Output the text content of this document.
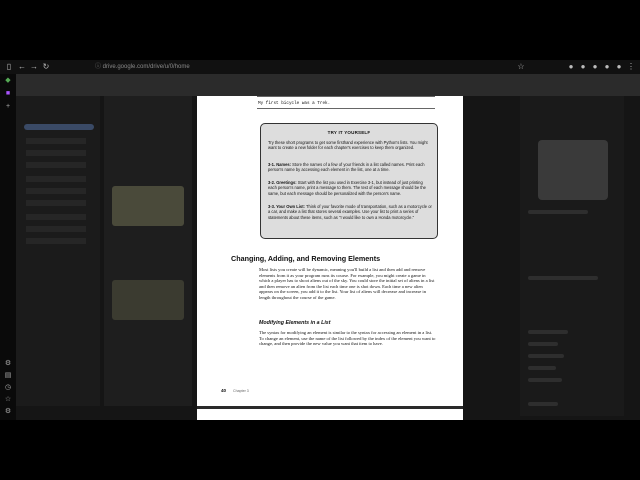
▯ ← → ↻	ⓘ drive.google.com/drive/u/0/home	☆	● ● ● ● ● ⋮
◆
■
+
⚙
▤
◷
☆
⚙
My first bicycle was a Trek.
TRY IT YOURSELF
Try these short programs to get some firsthand experience with Python's lists. You might want to create a new folder for each chapter's exercises to keep them organized.
3-1. Names: Store the names of a few of your friends in a list called names. Print each person's name by accessing each element in the list, one at a time.
3-2. Greetings: Start with the list you used in Exercise 3-1, but instead of just printing each person's name, print a message to them. The text of each message should be the same, but each message should be personalized with the person's name.
3-3. Your Own List: Think of your favorite mode of transportation, such as a motorcycle or a car, and make a list that stores several examples. Use your list to print a series of statements about these items, such as "I would like to own a Honda motorcycle."
Changing, Adding, and Removing Elements
Most lists you create will be dynamic, meaning you'll build a list and then add and remove elements from it as your program runs its course. For example, you might create a game in which a player has to shoot aliens out of the sky. You could store the initial set of aliens in a list and then remove an alien from the list each time one is shot down. Each time a new alien appears on the screen, you add it to the list. Your list of aliens will decrease and increase in length throughout the course of the game.
Modifying Elements in a List
The syntax for modifying an element is similar to the syntax for accessing an element in a list. To change an element, use the name of the list followed by the index of the element you want to change, and then provide the new value you want that item to have.
40 Chapter 3
